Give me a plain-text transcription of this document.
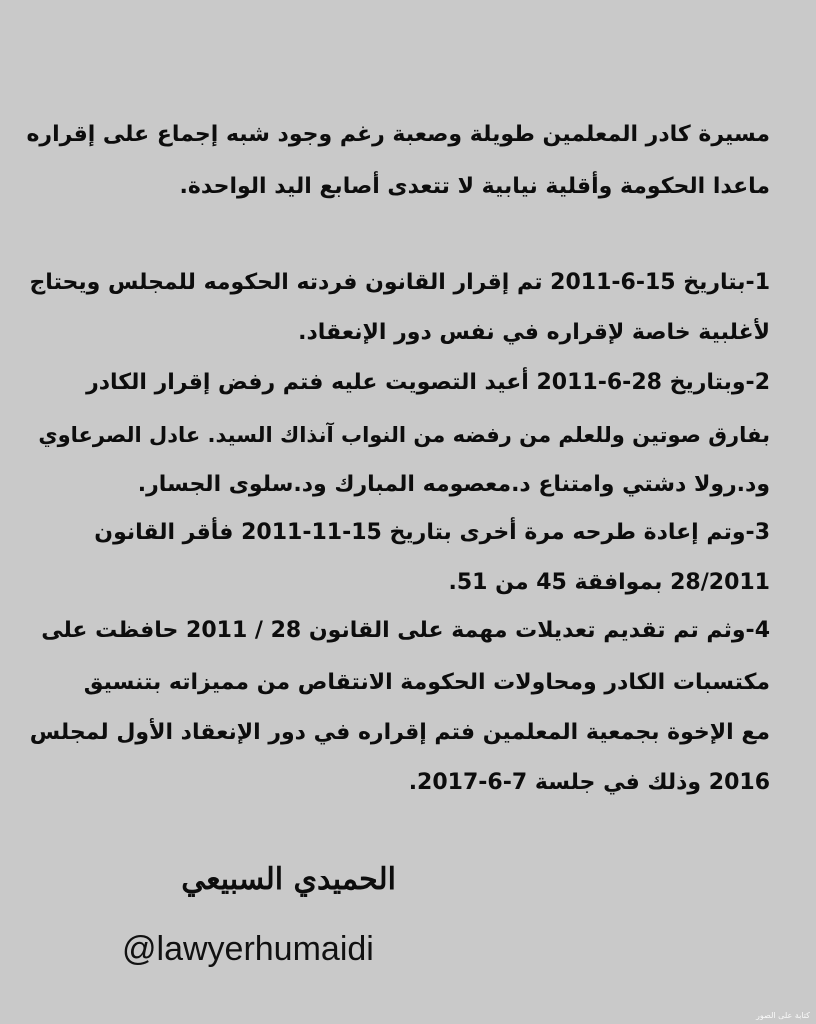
مسيرة كادر المعلمين طويلة وصعبة رغم وجود شبه إجماع على إقراره
ماعدا الحكومة وأقلية نيابية لا تتعدى أصابع اليد الواحدة.
1-بتاريخ 15-6-2011 تم إقرار القانون فردته الحكومه للمجلس ويحتاج
لأغلبية خاصة لإقراره في نفس دور الإنعقاد.
2-وبتاريخ 28-6-2011 أعيد التصويت عليه فتم رفض إقرار الكادر
بفارق صوتين وللعلم من رفضه من النواب آنذاك السيد. عادل الصرعاوي
ود.رولا دشتي وامتناع د.معصومه المبارك ود.سلوى الجسار.
3-وتم إعادة طرحه مرة أخرى بتاريخ 15-11-2011 فأقر القانون
28/2011 بموافقة 45 من 51.
4-وثم تم تقديم تعديلات مهمة على القانون 28 / 2011 حافظت على
مكتسبات الكادر ومحاولات الحكومة الانتقاص من مميزاته بتنسيق
مع الإخوة بجمعية المعلمين فتم إقراره في دور الإنعقاد الأول لمجلس
2016 وذلك في جلسة 7-6-2017.
الحميدي السبيعي
@lawyerhumaidi
كتابة على الصور
